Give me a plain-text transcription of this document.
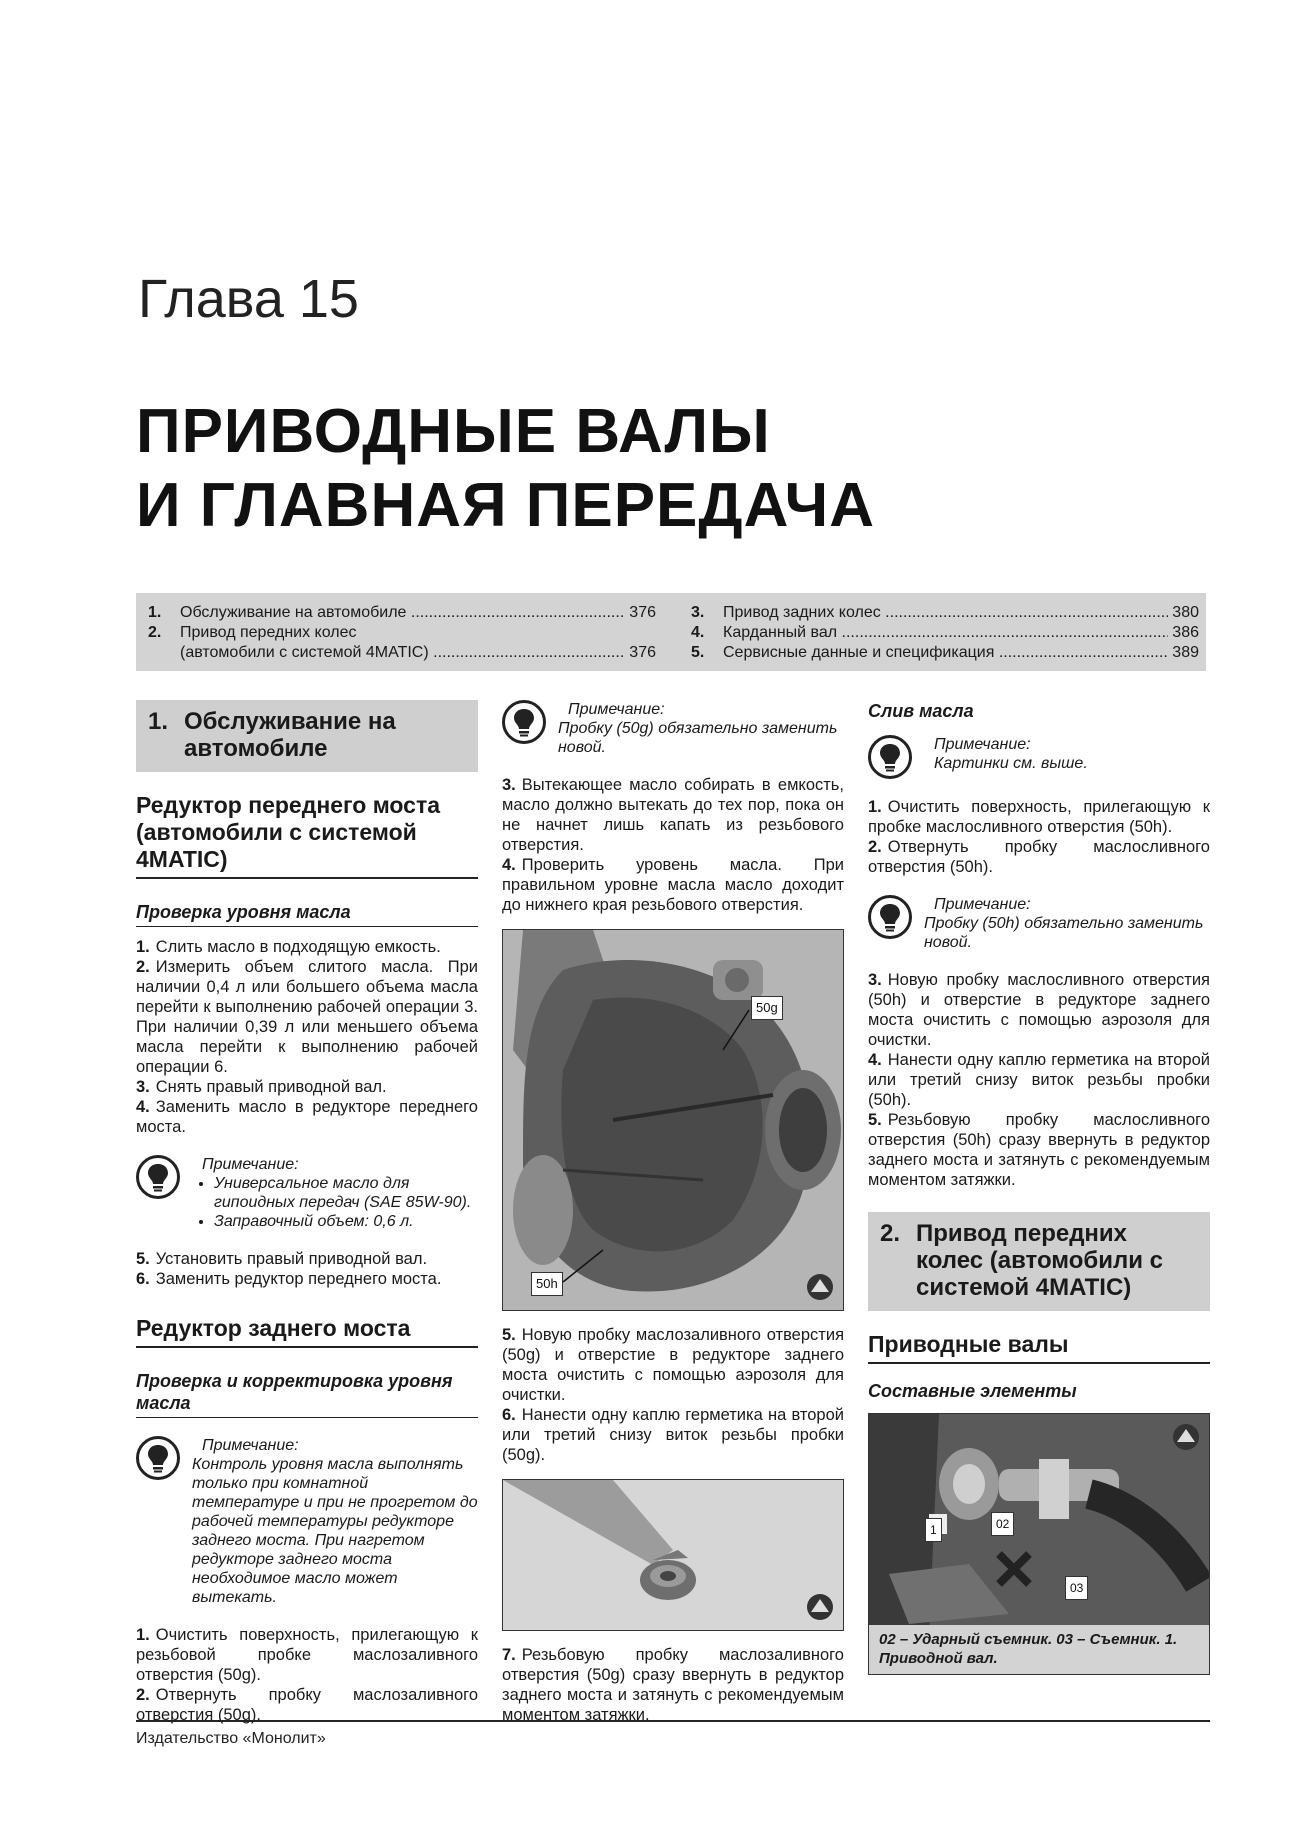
Глава 15
ПРИВОДНЫЕ ВАЛЫ
И ГЛАВНАЯ ПЕРЕДАЧА
1.	Обслуживание на автомобиле .....	376
2.	Привод передних колес
(автомобили с системой 4MATIC) .....	376
3.	Привод задних колес .....	380
4.	Карданный вал .....	386
5.	Сервисные данные и спецификация .....	389
1. Обслуживание на автомобиле
Редуктор переднего моста (автомобили с системой 4MATIC)
Проверка уровня масла

1. Слить масло в подходящую емкость.

2. Измерить объем слитого масла. При наличии 0,4 л или большего объема масла перейти к выполнению рабочей операции 3. При наличии 0,39 л или меньшего объема масла перейти к выполнению рабочей операции 6.

3. Снять правый приводной вал.

4. Заменить масло в редукторе переднего моста.

Примечание:
• Универсальное масло для гипоидных передач (SAE 85W-90).
• Заправочный объем: 0,6 л.

5. Установить правый приводной вал.

6. Заменить редуктор переднего моста.

Редуктор заднего моста
Проверка и корректировка уровня масла
Примечание:
Контроль уровня масла выполнять только при комнатной температуре и при не прогретом до рабочей температуры редукторе заднего моста. При нагретом редукторе заднего моста необходимое масло может вытекать.

1. Очистить поверхность, прилегающую к резьбовой пробке маслозаливного отверстия (50g).

2. Отвернуть пробку маслозаливного отверстия (50g).

Примечание:
Пробку (50g) обязательно заменить новой.

3. Вытекающее масло собирать в емкость, масло должно вытекать до тех пор, пока он не начнет лишь капать из резьбового отверстия.

4. Проверить уровень масла. При правильном уровне масла масло доходит до нижнего края резьбового отверстия.

50g
50h

5. Новую пробку маслозаливного отверстия (50g) и отверстие в редукторе заднего моста очистить с помощью аэрозоля для очистки.

6. Нанести одну каплю герметика на второй или третий снизу виток резьбы пробки (50g).

7. Резьбовую пробку маслозаливного отверстия (50g) сразу ввернуть в редуктор заднего моста и затянуть с рекомендуемым моментом затяжки.

Слив масла
Примечание:
Картинки см. выше.

1. Очистить поверхность, прилегающую к пробке маслосливного отверстия (50h).

2. Отвернуть пробку маслосливного отверстия (50h).

Примечание:
Пробку (50h) обязательно заменить новой.

3. Новую пробку маслосливного отверстия (50h) и отверстие в редукторе заднего моста очистить с помощью аэрозоля для очистки.

4. Нанести одну каплю герметика на второй или третий снизу виток резьбы пробки (50h).

5. Резьбовую пробку маслосливного отверстия (50h) сразу ввернуть в редуктор заднего моста и затянуть с рекомендуемым моментом затяжки.

2. Привод передних колес (автомобили с системой 4MATIC)
Приводные валы
Составные элементы
1	02
03
02 – Ударный съемник. 03 – Съемник. 1. Приводной вал.
Издательство «Монолит»
